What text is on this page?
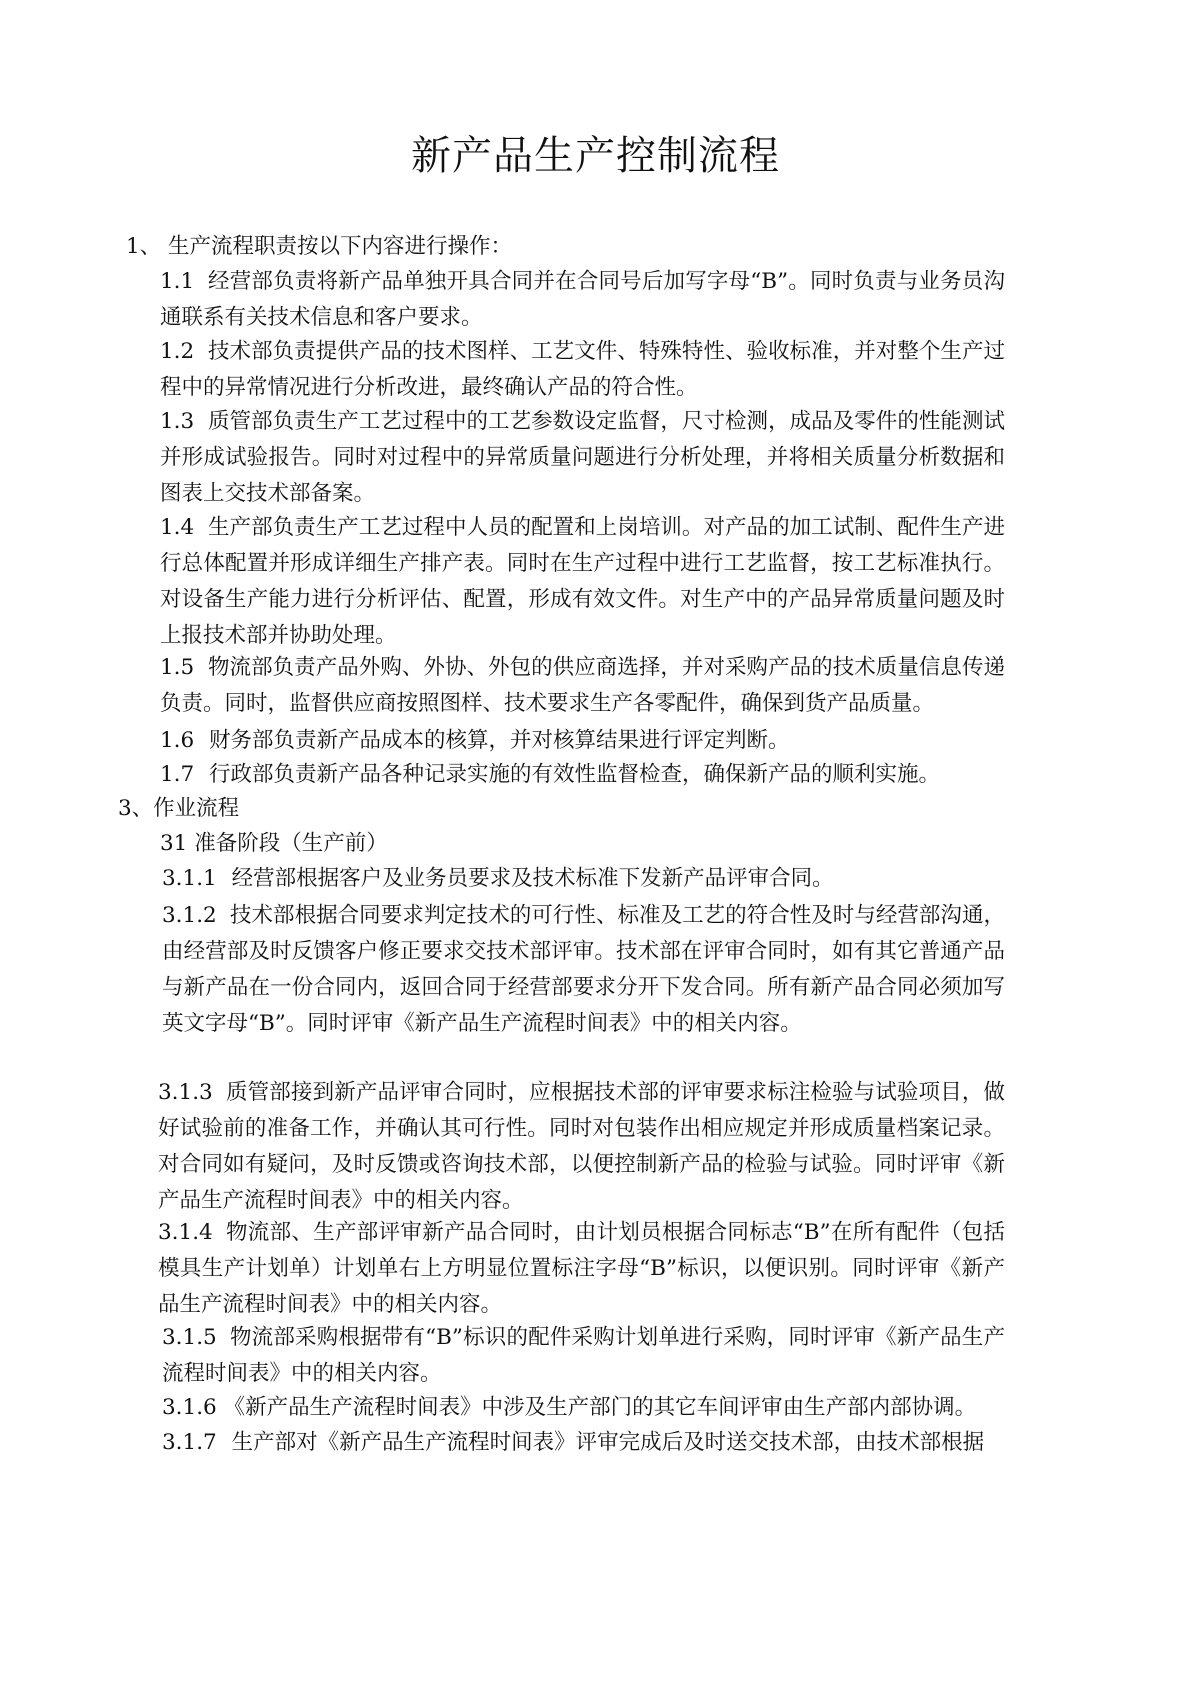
新产品生产控制流程
1、 生产流程职责按以下内容进行操作：
1.1 经营部负责将新产品单独开具合同并在合同号后加写字母“B”。同时负责与业务员沟通联系有关技术信息和客户要求。
1.2 技术部负责提供产品的技术图样、工艺文件、特殊特性、验收标准，并对整个生产过程中的异常情况进行分析改进，最终确认产品的符合性。
1.3 质管部负责生产工艺过程中的工艺参数设定监督，尺寸检测，成品及零件的性能测试并形成试验报告。同时对过程中的异常质量问题进行分析处理，并将相关质量分析数据和图表上交技术部备案。
1.4 生产部负责生产工艺过程中人员的配置和上岗培训。对产品的加工试制、配件生产进行总体配置并形成详细生产排产表。同时在生产过程中进行工艺监督，按工艺标准执行。对设备生产能力进行分析评估、配置，形成有效文件。对生产中的产品异常质量问题及时上报技术部并协助处理。
1.5 物流部负责产品外购、外协、外包的供应商选择，并对采购产品的技术质量信息传递负责。同时，监督供应商按照图样、技术要求生产各零配件，确保到货产品质量。
1.6 财务部负责新产品成本的核算，并对核算结果进行评定判断。
1.7 行政部负责新产品各种记录实施的有效性监督检查，确保新产品的顺利实施。
3、作业流程
31 准备阶段（生产前）
3.1.1 经营部根据客户及业务员要求及技术标准下发新产品评审合同。
3.1.2 技术部根据合同要求判定技术的可行性、标准及工艺的符合性及时与经营部沟通，由经营部及时反馈客户修正要求交技术部评审。技术部在评审合同时，如有其它普通产品与新产品在一份合同内，返回合同于经营部要求分开下发合同。所有新产品合同必须加写英文字母“B”。同时评审《新产品生产流程时间表》中的相关内容。
3.1.3 质管部接到新产品评审合同时，应根据技术部的评审要求标注检验与试验项目，做好试验前的准备工作，并确认其可行性。同时对包装作出相应规定并形成质量档案记录。对合同如有疑问，及时反馈或咨询技术部，以便控制新产品的检验与试验。同时评审《新产品生产流程时间表》中的相关内容。
3.1.4 物流部、生产部评审新产品合同时，由计划员根据合同标志“B”在所有配件（包括模具生产计划单）计划单右上方明显位置标注字母“B”标识，以便识别。同时评审《新产品生产流程时间表》中的相关内容。
3.1.5 物流部采购根据带有“B”标识的配件采购计划单进行采购，同时评审《新产品生产流程时间表》中的相关内容。
3.1.6 《新产品生产流程时间表》中涉及生产部门的其它车间评审由生产部内部协调。
3.1.7 生产部对《新产品生产流程时间表》评审完成后及时送交技术部，由技术部根据
